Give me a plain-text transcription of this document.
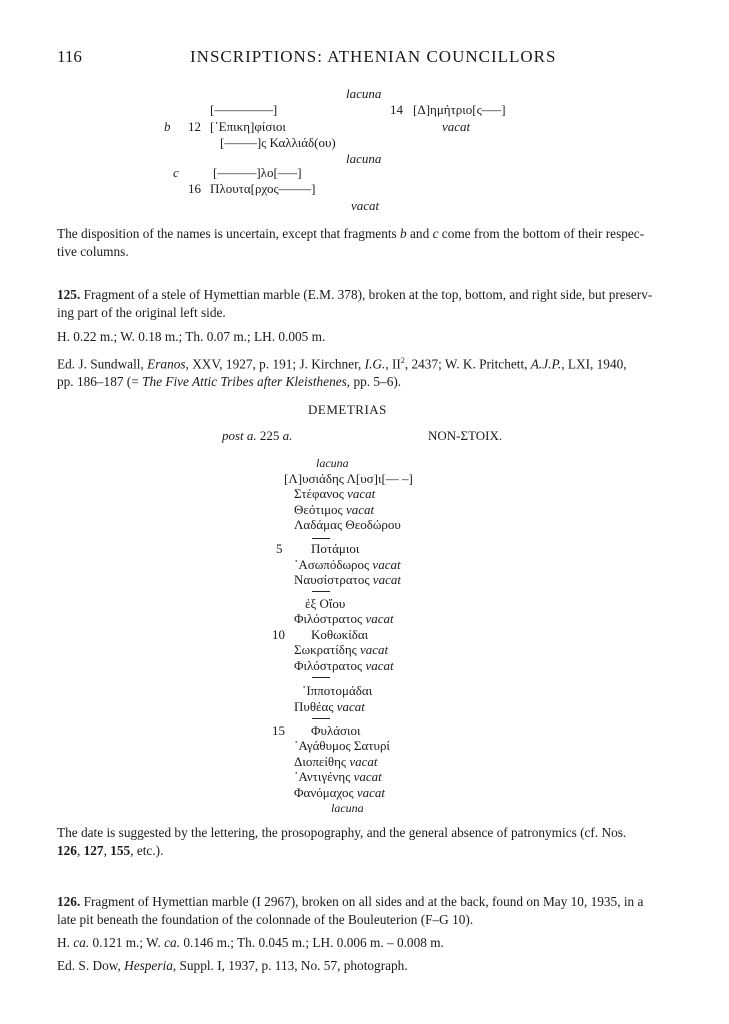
116	INSCRIPTIONS: ATHENIAN COUNCILLORS
lacuna
[–––––––––]	14 [Δ]ημήτριο[ς–––]
b 12 [᾿Επικη]φίσιοι	vacat
[–––––]ς Καλλιάδ(ου)
lacuna
c	[––––––]λο[–––]
16 Πλουτα[ρχος–––––]
vacat
The disposition of the names is uncertain, except that fragments b and c come from the bottom of their respec-
tive columns.
125. Fragment of a stele of Hymettian marble (E.M. 378), broken at the top, bottom, and right side, but preserv-
ing part of the original left side.
H. 0.22 m.; W. 0.18 m.; Th. 0.07 m.; LH. 0.005 m.
Ed. J. Sundwall, Eranos, XXV, 1927, p. 191; J. Kirchner, I.G., $II^2$, 2437; W. K. Pritchett, A.J.P., LXI, 1940,
pp. 186–187 (= The Five Attic Tribes after Kleisthenes, pp. 5–6).
DEMETRIAS
post a. 225 a.	NON-ΣΤΟΙΧ.
lacuna
[Λ]υσιάδης Λ[υσ]ι[–– –]
Στέφανος vacat
Θεότιμος vacat
Λαδάμας Θεοδώρου
5 Ποτάμιοι
᾿Ασωπόδωρος vacat
Ναυσίστρατος vacat
ἐξ Οἴου
Φιλόστρατος vacat
10 Κοθωκίδαι
Σωκρατίδης vacat
Φιλόστρατος vacat
῾Ιπποτομάδαι
Πυθέας vacat
15 Φυλάσιοι
᾿Αγάθυμος Σατυρί
Διοπείθης vacat
᾿Αντιγένης vacat
Φανόμαχος vacat
lacuna
The date is suggested by the lettering, the prosopography, and the general absence of patronymics (cf. Nos.
126, 127, 155, etc.).
126. Fragment of Hymettian marble (I 2967), broken on all sides and at the back, found on May 10, 1935, in a
late pit beneath the foundation of the colonnade of the Bouleuterion (F–G 10).
H. ca. 0.121 m.; W. ca. 0.146 m.; Th. 0.045 m.; LH. 0.006 m. – 0.008 m.
Ed. S. Dow, Hesperia, Suppl. I, 1937, p. 113, No. 57, photograph.
